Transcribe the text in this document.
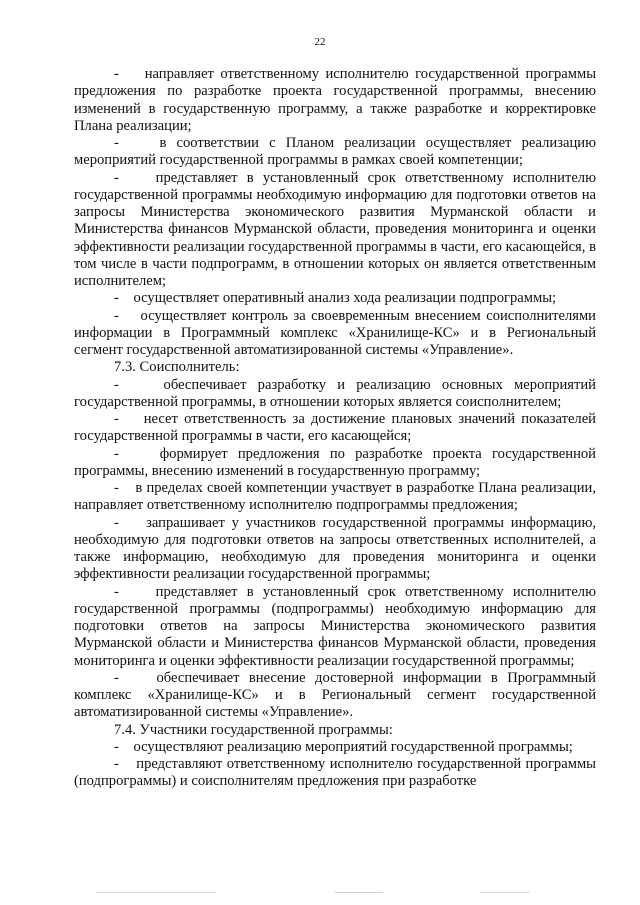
22

-    направляет ответственному исполнителю государственной программы предложения по разработке проекта государственной программы, внесению изменений в государственную программу, а также разработке и корректировке Плана реализации;

-    в соответствии с Планом реализации осуществляет реализацию мероприятий государственной программы в рамках своей компетенции;

-    представляет в установленный срок ответственному исполнителю государственной программы необходимую информацию для подготовки ответов на запросы Министерства экономического развития Мурманской области и Министерства финансов Мурманской области, проведения мониторинга и оценки эффективности реализации государственной программы в части, его касающейся, в том числе в части подпрограмм, в отношении которых он является ответственным исполнителем;

-    осуществляет оперативный анализ хода реализации подпрограммы;

-    осуществляет контроль за своевременным внесением соисполнителями информации в Программный комплекс «Хранилище-КС» и в Региональный сегмент государственной автоматизированной системы «Управление».

7.3. Соисполнитель:

-    обеспечивает разработку и реализацию основных мероприятий государственной программы, в отношении которых является соисполнителем;

-    несет ответственность за достижение плановых значений показателей государственной программы в части, его касающейся;

-    формирует предложения по разработке проекта государственной программы, внесению изменений в государственную программу;

-    в пределах своей компетенции участвует в разработке Плана реализации, направляет ответственному исполнителю подпрограммы предложения;

-    запрашивает у участников государственной программы информацию, необходимую для подготовки ответов на запросы ответственных исполнителей, а также информацию, необходимую для проведения мониторинга и оценки эффективности реализации государственной программы;

-    представляет в установленный срок ответственному исполнителю государственной программы (подпрограммы) необходимую информацию для подготовки ответов на запросы Министерства экономического развития Мурманской области и Министерства финансов Мурманской области, проведения мониторинга и оценки эффективности реализации государственной программы;

-    обеспечивает внесение достоверной информации в Программный комплекс «Хранилище-КС» и в Региональный сегмент государственной автоматизированной системы «Управление».

7.4. Участники государственной программы:

-    осуществляют реализацию мероприятий государственной программы;

-    представляют ответственному исполнителю государственной программы (подпрограммы) и соисполнителям предложения при разработке
